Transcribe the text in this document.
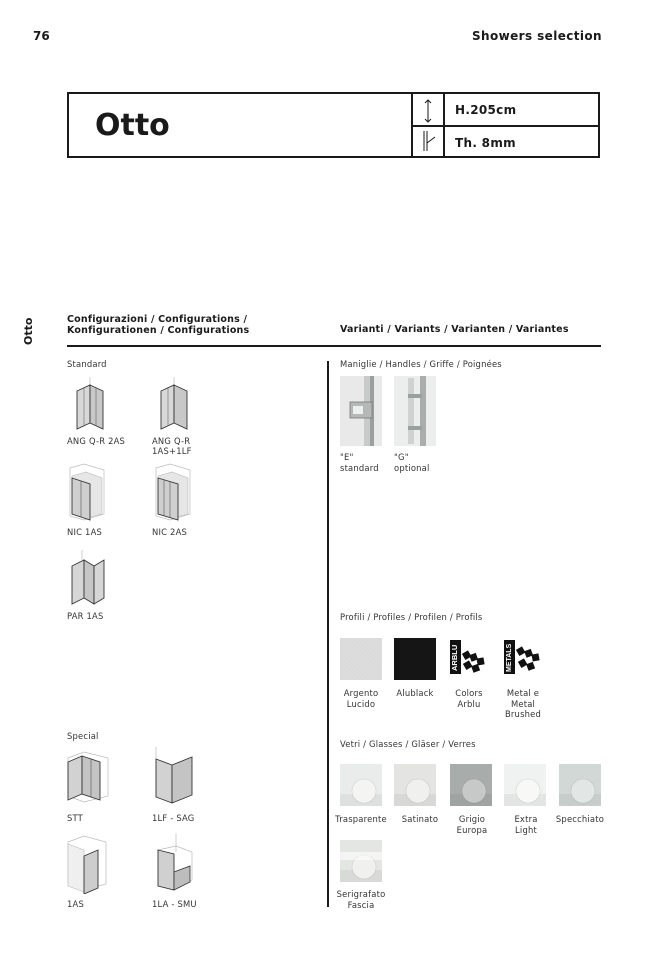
76	Showers selection
Otto
Otto	H.205cm
Th. 8mm
Configurazioni / Configurations /
Konfigurationen / Configurations	Varianti / Variants / Varianten / Variantes
Standard
ANG Q-R 2AS	ANG Q-R
1AS+1LF
NIC 1AS	NIC 2AS
PAR 1AS
Special
STT	1LF - SAG
1AS	1LA - SMU
Maniglie / Handles / Griffe / Poignées
"E"
standard
"G"
optional
Profili / Profiles / Profilen / Profils
ARBLU	METALS
Argento
Lucido
Alublack	Colors
Arblu
Metal e
Metal
Brushed
Vetri / Glasses / Gläser / Verres
Trasparente	Satinato	Grigio
Europa
Extra
Light
Specchiato
Serigrafato
Fascia
